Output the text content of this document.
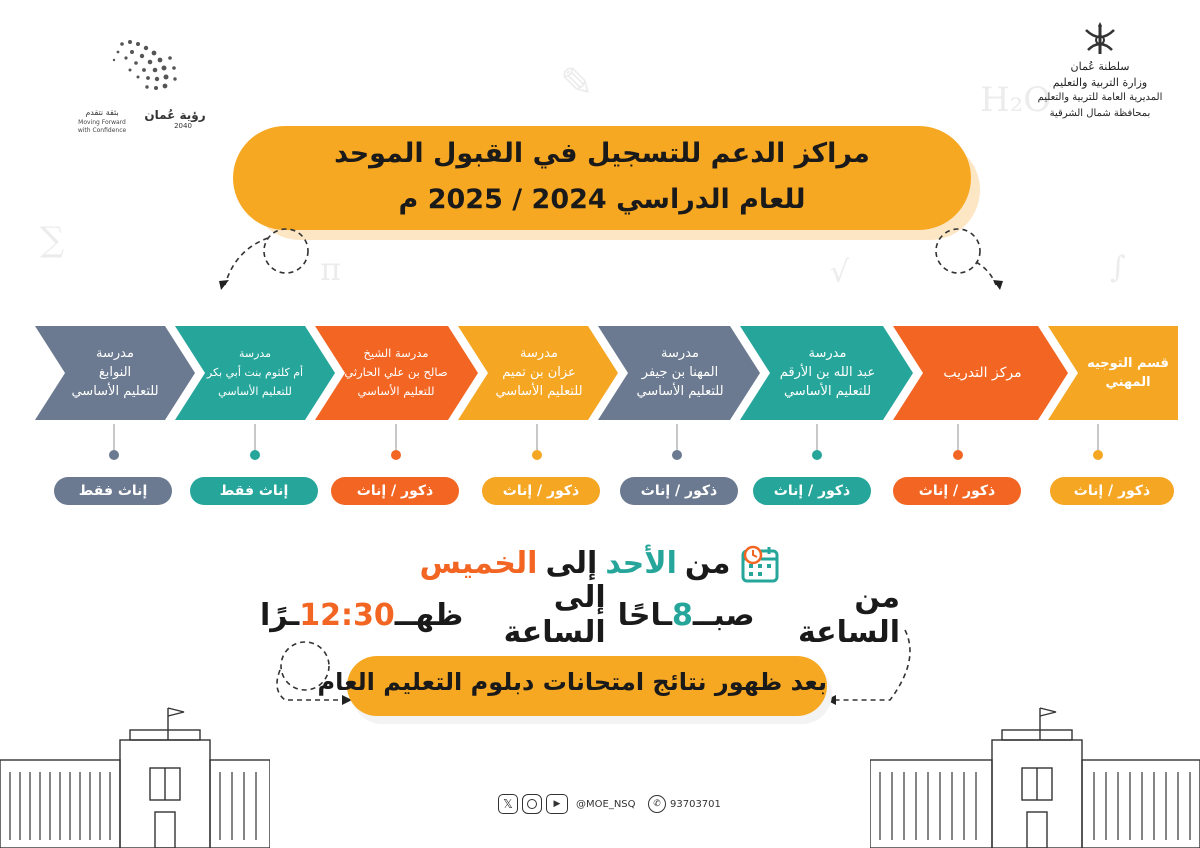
✎	H₂O
∑
∫
π	√
رؤية عُمان
2040
بثقة نتقدم
Moving Forward
with Confidence
سلطنة عُمان
وزارة التربية والتعليم
المديرية العامة للتربية والتعليم
بمحافظة شمال الشرقية
مراكز الدعم للتسجيل في القبول الموحد
للعام الدراسي 2024 / 2025 م
قسم التوجيه
المهني
مركز التدريب
مدرسة
عبد الله بن الأرقم
للتعليم الأساسي
مدرسة
المهنا بن جيفر
للتعليم الأساسي
مدرسة
عزان بن تميم
للتعليم الأساسي
مدرسة الشيخ
صالح بن علي الحارثي
للتعليم الأساسي
مدرسة
أم كلثوم بنت أبي بكر
للتعليم الأساسي
مدرسة
النوابغ
للتعليم الأساسي
ذكور / إناث
ذكور / إناث
ذكور / إناث
ذكور / إناث
ذكور / إناث
ذكور / إناث
إناث فقط
إناث فقط
من
الأحد
إلى
الخميس
من الساعة
صبــ
8
ـاحًا
إلى الساعة
ظهــ
12:30
ـرًا
بعد ظهور نتائج امتحانات دبلوم التعليم العام
𝕏	▶	@MOE_NSQ	✆ 93703701
